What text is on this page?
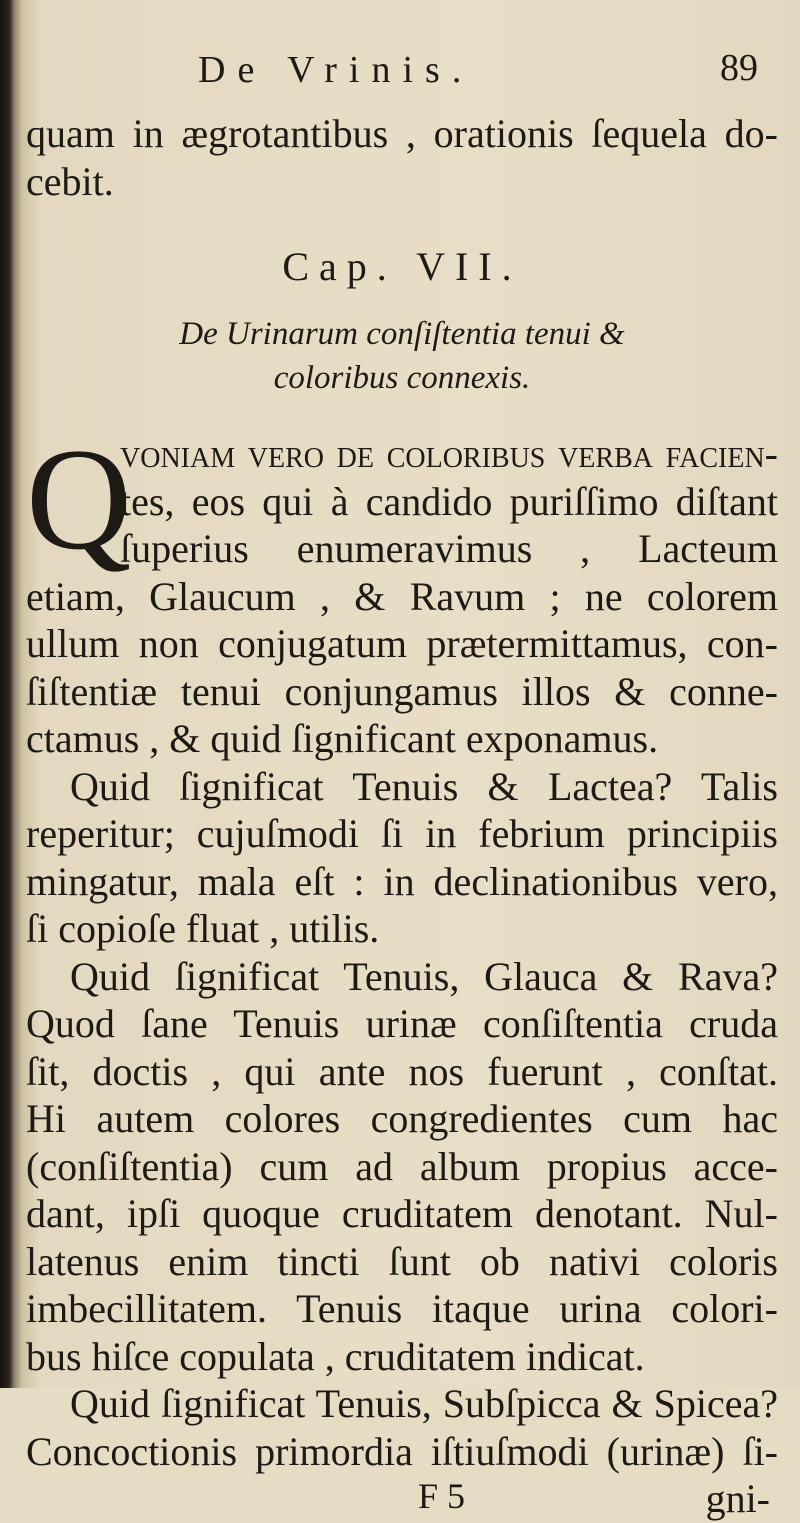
De Vrinis.	89
quam in ægrotantibus , orationis ſequela do-
cebit.
Cap. VII.
De Urinarum conſiſtentia tenui &
coloribus connexis.
Q
voniam vero de coloribus verba facien-
tes, eos qui à candido puriſſimo diſtant
ſuperius enumeravimus , Lacteum
etiam, Glaucum , & Ravum ; ne colorem
ullum non conjugatum prætermittamus, con-
ſiſtentiæ tenui conjungamus illos & conne-
ctamus , & quid ſignificant exponamus.
Quid ſignificat Tenuis & Lactea? Talis
reperitur; cujuſmodi ſi in febrium principiis
mingatur, mala eſt : in declinationibus vero,
ſi copioſe fluat , utilis.
Quid ſignificat Tenuis, Glauca & Rava?
Quod ſane Tenuis urinæ conſiſtentia cruda
ſit, doctis , qui ante nos fuerunt , conſtat.
Hi autem colores congredientes cum hac
(conſiſtentia) cum ad album propius acce-
dant, ipſi quoque cruditatem denotant. Nul-
latenus enim tincti ſunt ob nativi coloris
imbecillitatem. Tenuis itaque urina colori-
bus hiſce copulata , cruditatem indicat.
Quid ſignificat Tenuis, Subſpicca & Spicea?
Concoctionis primordia iſtiuſmodi (urinæ) ſi-
F 5	gni-
